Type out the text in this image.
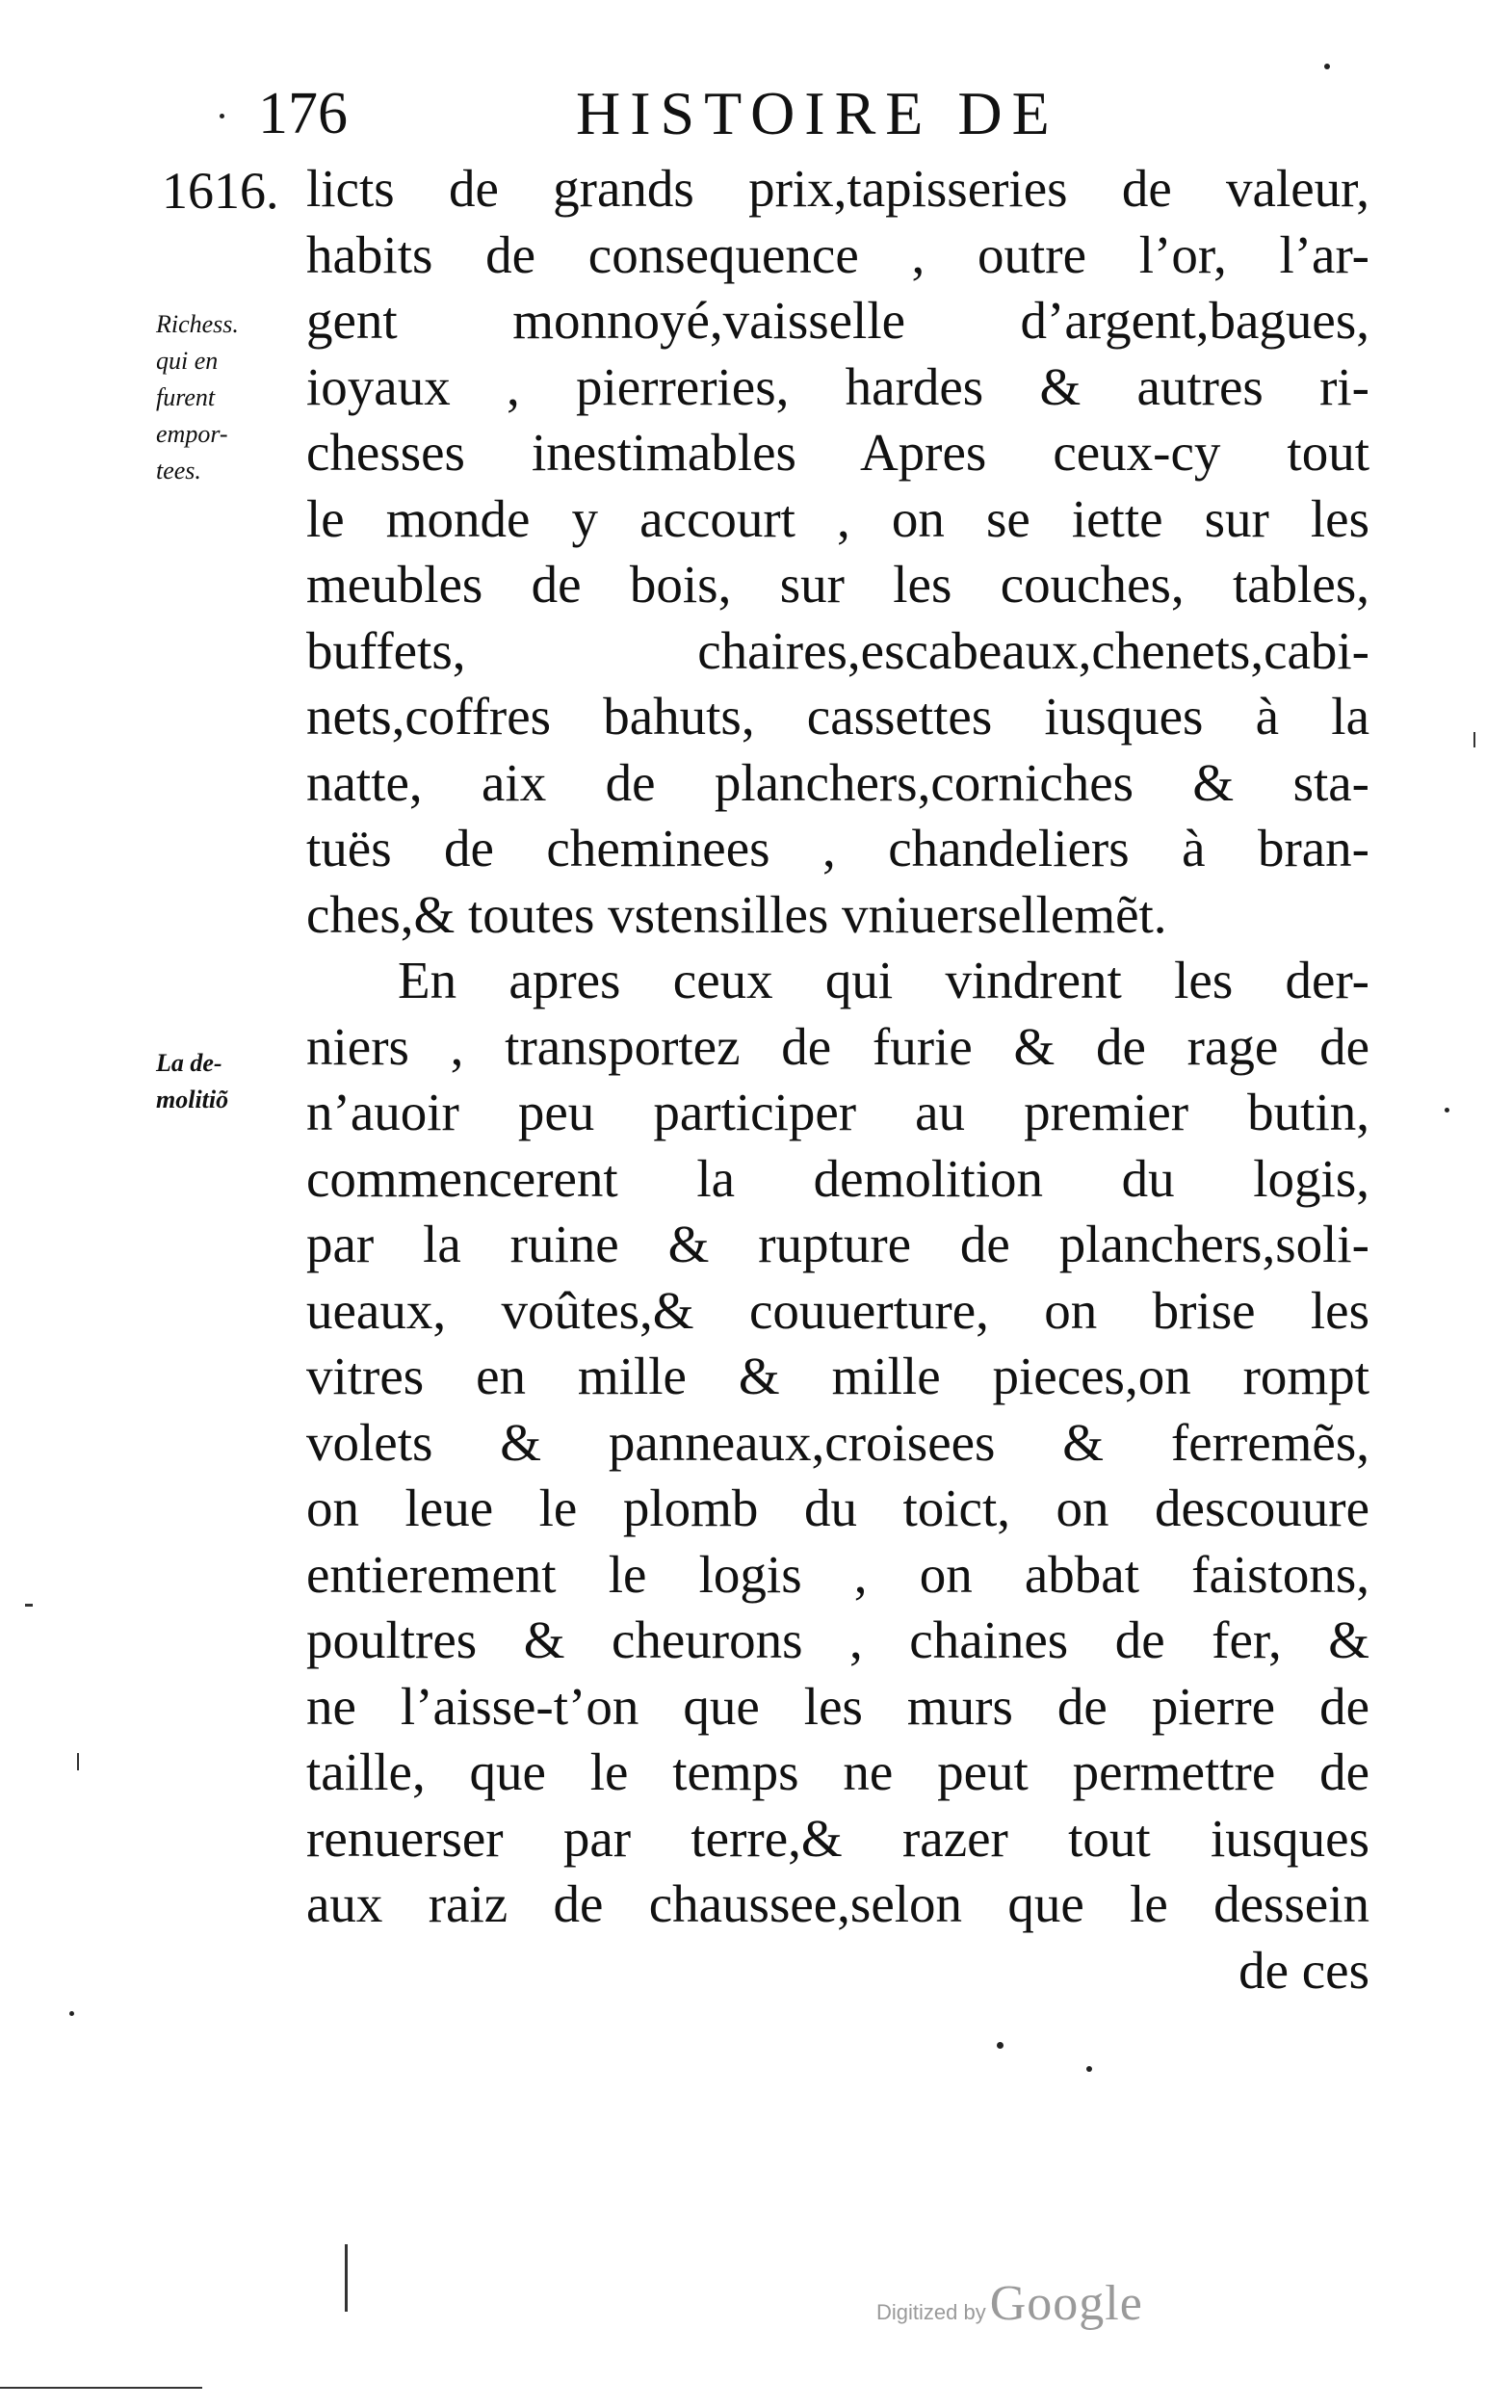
176	HISTOIRE DE
1616.
Richess.
qui en
furent
empor-
tees.
La de-
molitiõ
licts de grands prix,tapisseries de valeur,
habits de consequence , outre l’or, l’ar-
gent monnoyé,vaisselle d’argent,bagues,
ioyaux , pierreries, hardes & autres ri-
chesses inestimables Apres ceux-cy tout
le monde y accourt , on se iette sur les
meubles de bois, sur les couches, tables,
buffets, chaires,escabeaux,chenets,cabi-
nets,coffres bahuts, cassettes iusques à la
natte, aix de planchers,corniches & sta-
tuës de cheminees , chandeliers à bran-
ches,& toutes vstensilles vniuersellemẽt.
En apres ceux qui vindrent les der-
niers , transportez de furie & de rage de
n’auoir peu participer au premier butin,
commencerent la demolition du logis,
par la ruine & rupture de planchers,soli-
ueaux, voûtes,& couuerture, on brise les
vitres en mille & mille pieces,on rompt
volets & panneaux,croisees & ferremẽs,
on leue le plomb du toict, on descouure
entierement le logis , on abbat faistons,
poultres & cheurons , chaines de fer, &
ne l’aisse-t’on que les murs de pierre de
taille, que le temps ne peut permettre de
renuerser par terre,& razer tout iusques
aux raiz de chaussee,selon que le dessein
de ces
Digitized by Google
